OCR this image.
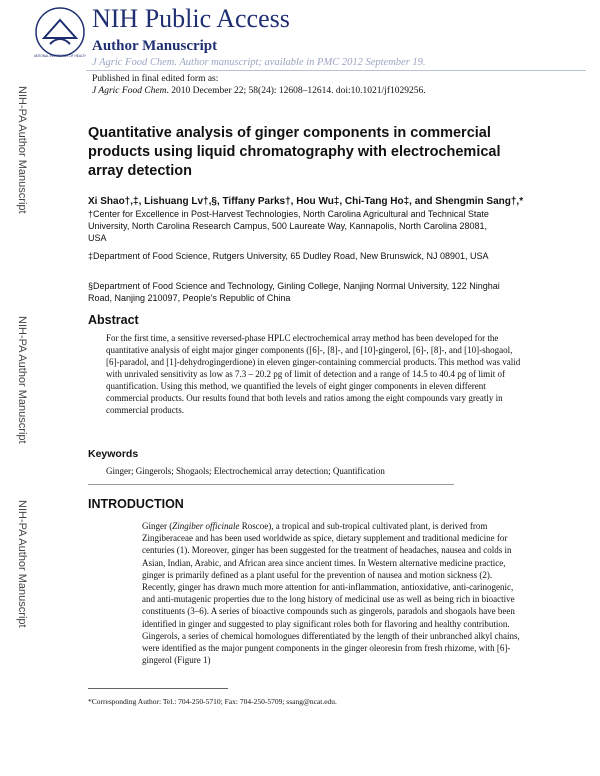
NATIONAL INSTITUTES OF HEALTH
NIH Public Access
Author Manuscript
J Agric Food Chem. Author manuscript; available in PMC 2012 September 19.
Published in final edited form as:
J Agric Food Chem. 2010 December 22; 58(24): 12608–12614. doi:10.1021/jf1029256.
NIH-PA Author Manuscript
NIH-PA Author Manuscript
NIH-PA Author Manuscript
Quantitative analysis of ginger components in commercial products using liquid chromatography with electrochemical array detection
Xi Shao†,‡, Lishuang Lv†,§, Tiffany Parks†, Hou Wu‡, Chi-Tang Ho‡, and Shengmin Sang†,*
†Center for Excellence in Post-Harvest Technologies, North Carolina Agricultural and Technical State University, North Carolina Research Campus, 500 Laureate Way, Kannapolis, North Carolina 28081, USA
‡Department of Food Science, Rutgers University, 65 Dudley Road, New Brunswick, NJ 08901, USA
§Department of Food Science and Technology, Ginling College, Nanjing Normal University, 122 Ninghai Road, Nanjing 210097, People's Republic of China
Abstract
For the first time, a sensitive reversed-phase HPLC electrochemical array method has been developed for the quantitative analysis of eight major ginger components ([6]-, [8]-, and [10]-gingerol, [6]-, [8]-, and [10]-shogaol, [6]-paradol, and [1]-dehydrogingerdione) in eleven ginger-containing commercial products. This method was valid with unrivaled sensitivity as low as 7.3 – 20.2 pg of limit of detection and a range of 14.5 to 40.4 pg of limit of quantification. Using this method, we quantified the levels of eight ginger components in eleven different commercial products. Our results found that both levels and ratios among the eight compounds vary greatly in commercial products.
Keywords
Ginger; Gingerols; Shogaols; Electrochemical array detection; Quantification
INTRODUCTION
Ginger (Zingiber officinale Roscoe), a tropical and sub-tropical cultivated plant, is derived from Zingiberaceae and has been used worldwide as spice, dietary supplement and traditional medicine for centuries (1). Moreover, ginger has been suggested for the treatment of headaches, nausea and colds in Asian, Indian, Arabic, and African area since ancient times. In Western alternative medicine practice, ginger is primarily defined as a plant useful for the prevention of nausea and motion sickness (2). Recently, ginger has drawn much more attention for anti-inflammation, antioxidative, anti-carinogenic, and anti-mutagenic properties due to the long history of medicinal use as well as being rich in bioactive constituents (3–6). A series of bioactive compounds such as gingerols, paradols and shogaols have been identified in ginger and suggested to play significant roles both for flavoring and healthy contribution. Gingerols, a series of chemical homologues differentiated by the length of their unbranched alkyl chains, were identified as the major pungent components in the ginger oleoresin from fresh rhizome, with [6]-gingerol (Figure 1)
*Corresponding Author: Tel.: 704-250-5710; Fax: 704-250-5709; ssang@ncat.edu.
